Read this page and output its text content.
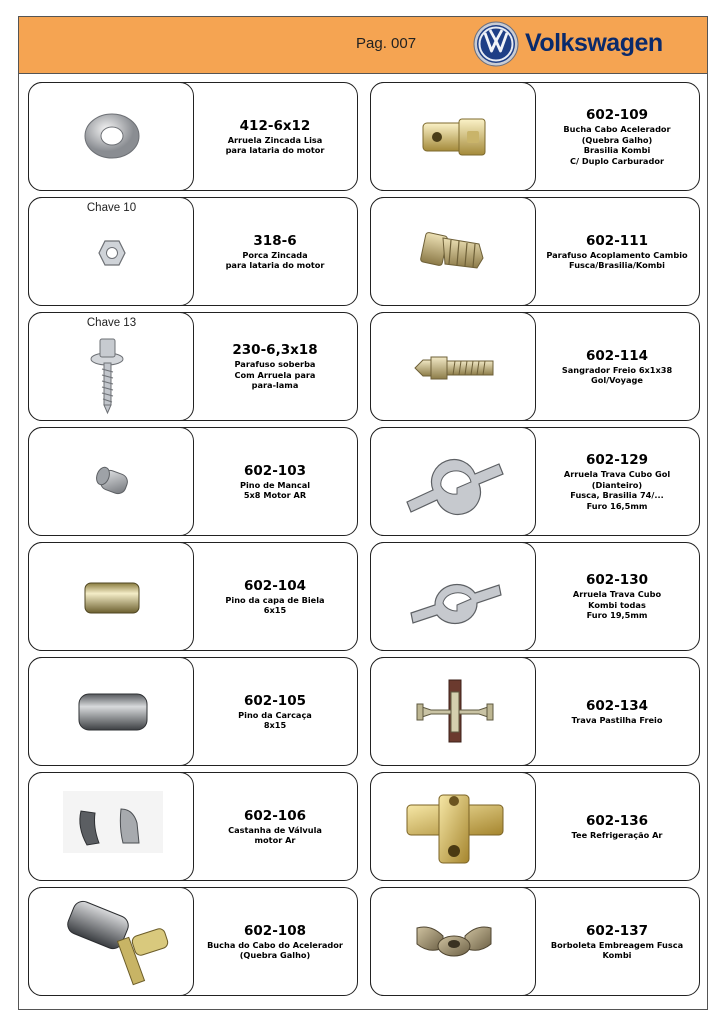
Pag. 007	Volkswagen
412-6x12
Arruela Zincada Lisa
para lataria do motor
602-109
Bucha Cabo Acelerador
(Quebra Galho)
Brasilia Kombi
C/ Duplo Carburador
Chave 10
318-6
Porca Zincada
para lataria do motor
602-111
Parafuso Acoplamento Cambio
Fusca/Brasilia/Kombi
Chave 13
230-6,3x18
Parafuso soberba
Com Arruela para
para-lama
602-114
Sangrador Freio 6x1x38
Gol/Voyage
602-103
Pino de Mancal
5x8 Motor AR
602-129
Arruela Trava Cubo Gol
(Dianteiro)
Fusca, Brasilia 74/...
Furo 16,5mm
602-104
Pino da capa de Biela
6x15
602-130
Arruela Trava Cubo
Kombi todas
Furo 19,5mm
602-105
Pino da Carcaça
8x15
602-134
Trava Pastilha Freio
602-106
Castanha de Válvula
motor Ar
602-136
Tee Refrigeração Ar
602-108
Bucha do Cabo do Acelerador
(Quebra Galho)
602-137
Borboleta Embreagem Fusca
Kombi
